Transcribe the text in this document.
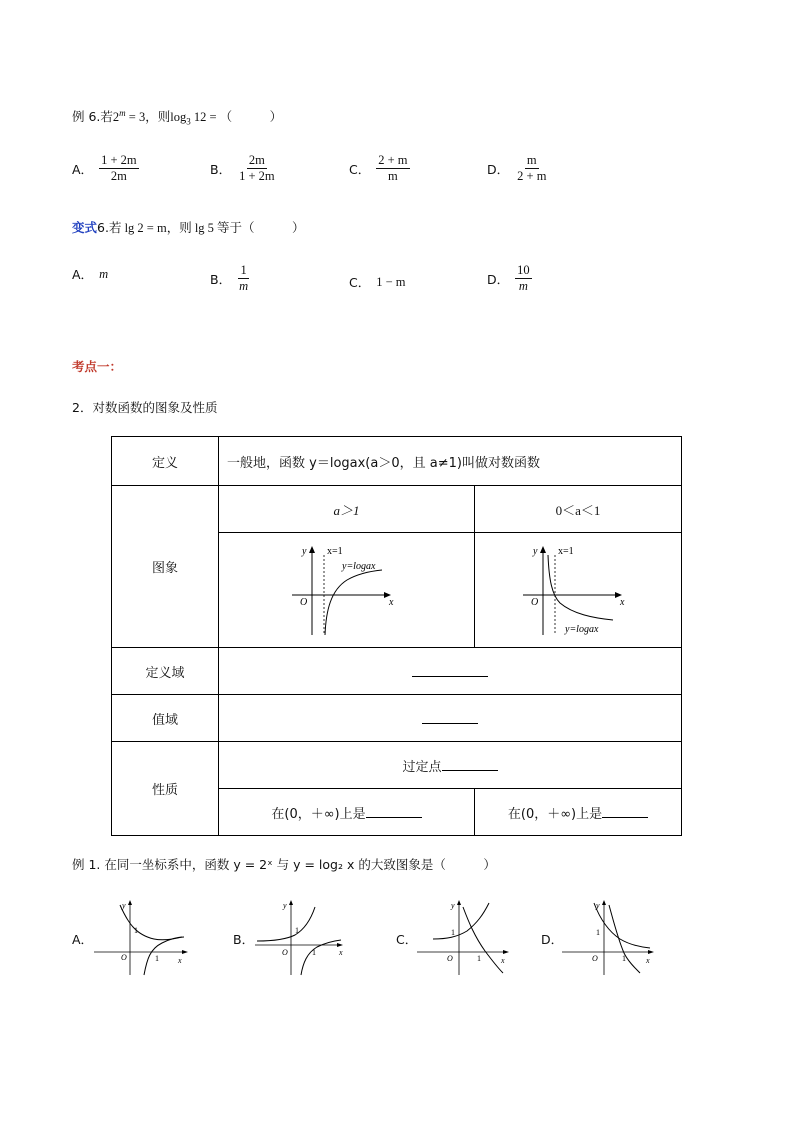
例 6.若$2^m = 3$，则$\log_3 12$ = （　　　）
A． $\frac{1 + 2m}{2m}$	B． $\frac{2m}{1 + 2m}$	C． $\frac{2 + m}{m}$	D． $\frac{m}{2 + m}$
变式6.若 lg 2 = m，则 lg 5 等于（　　　）
A． m	B． $\frac{1}{m}$	C． 1 − m	D． $\frac{10}{m}$
考点一：
2．对数函数的图象及性质
定义	一般地，函数 y＝logax(a＞0，且 a≠1)叫做对数函数	
图象	a＞1	0＜a＜1

y
x
O
x=1
y=logax	y
x
O
x=1
y=logax

定义域		
值域		
性质	过定点	
	在(0，＋∞)上是	在(0，＋∞)上是
例 1. 在同一坐标系中，函数 y = 2ˣ 与 y = log₂ x 的大致图象是（　　　）
A．
y
x
O	1
1
B．
y
x
O	1
1
C．
y
x
O	1
1	D．
y
x
O	1
1
